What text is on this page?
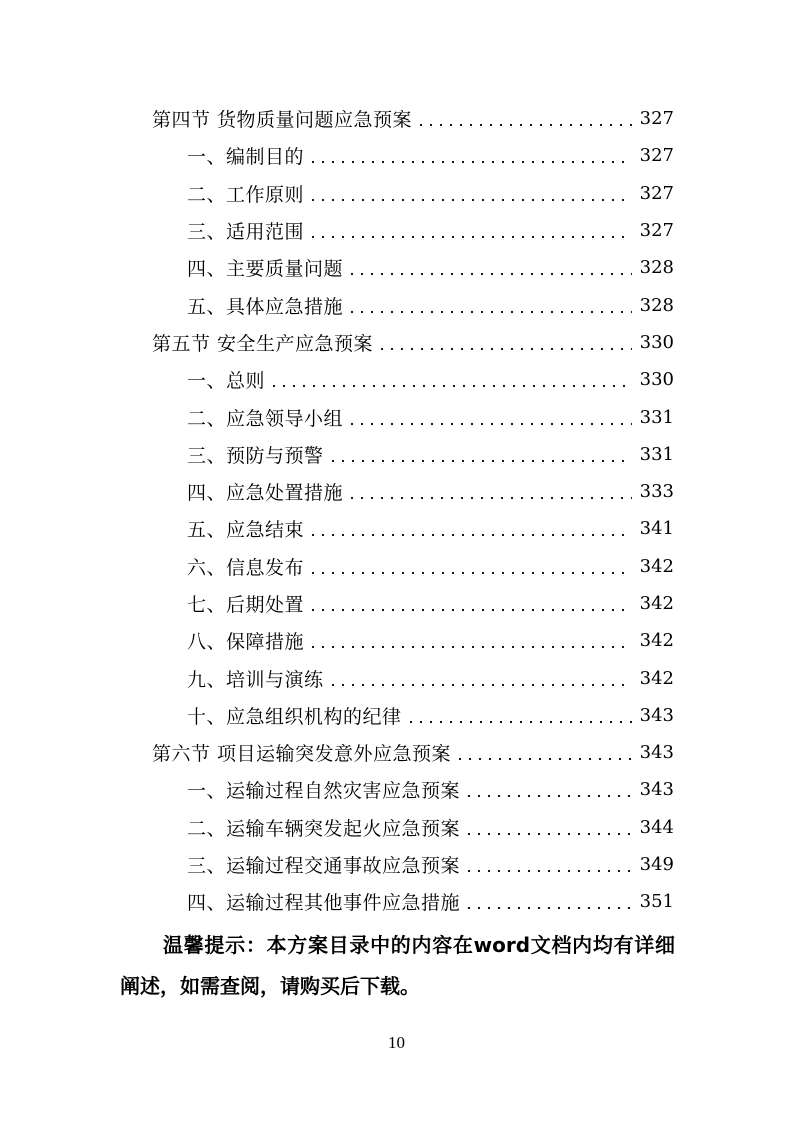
第四节 货物质量问题应急预案	327
一、编制目的	327
二、工作原则	327
三、适用范围	327
四、主要质量问题	328
五、具体应急措施	328
第五节 安全生产应急预案	330
一、总则	330
二、应急领导小组	331
三、预防与预警	331
四、应急处置措施	333
五、应急结束	341
六、信息发布	342
七、后期处置	342
八、保障措施	342
九、培训与演练	342
十、应急组织机构的纪律	343
第六节 项目运输突发意外应急预案	343
一、运输过程自然灾害应急预案	343
二、运输车辆突发起火应急预案	344
三、运输过程交通事故应急预案	349
四、运输过程其他事件应急措施	351

温馨提示：本方案目录中的内容在word文档内均有详细阐述，如需查阅，请购买后下载。

10
